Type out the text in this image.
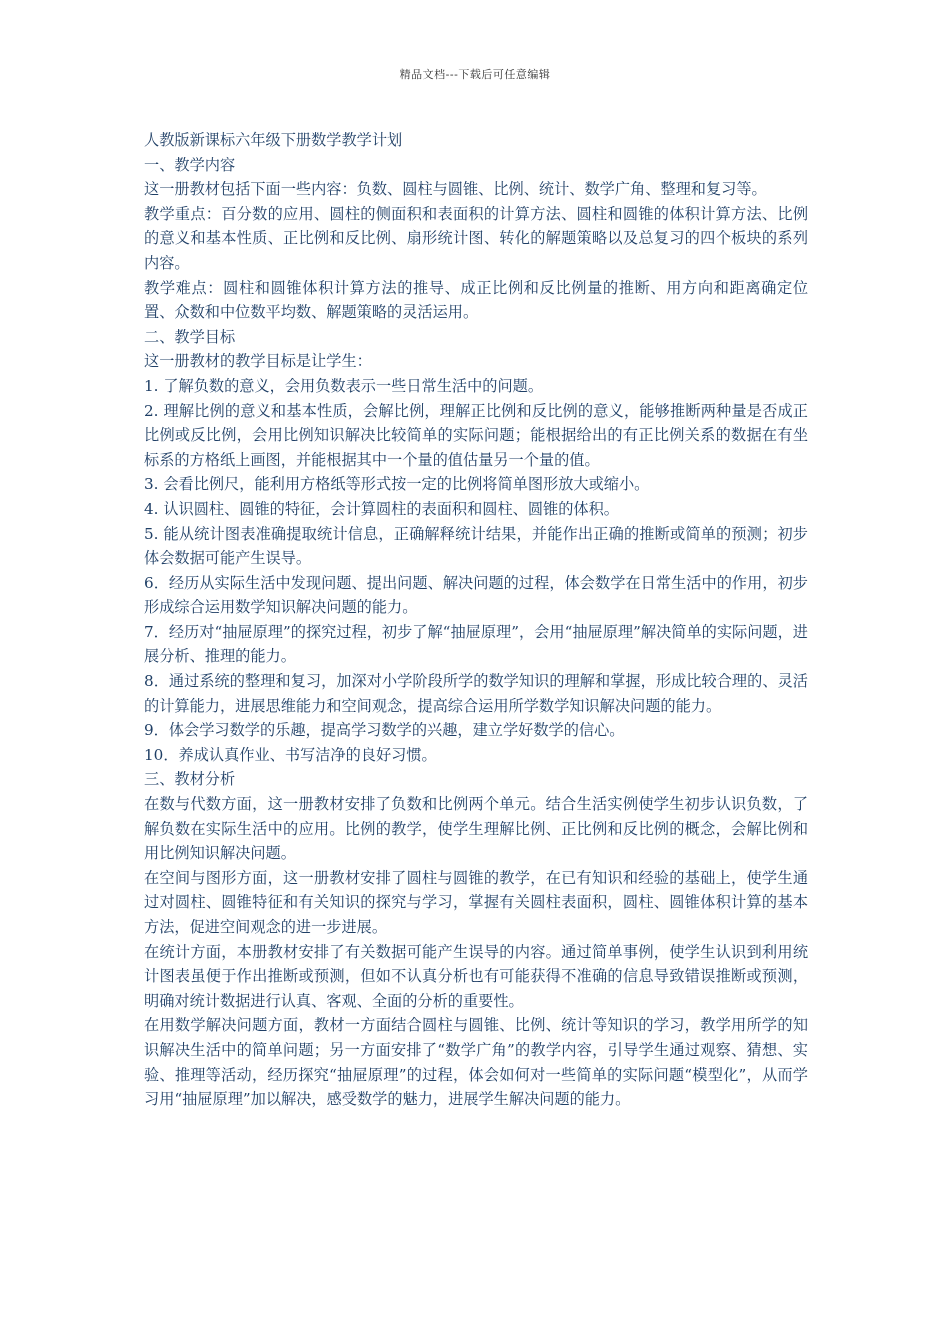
精品文档---下载后可任意编辑

人教版新课标六年级下册数学教学计划

一、教学内容

这一册教材包括下面一些内容：负数、圆柱与圆锥、比例、统计、数学广角、整理和复习等。

教学重点：百分数的应用、圆柱的侧面积和表面积的计算方法、圆柱和圆锥的体积计算方法、比例的意义和基本性质、正比例和反比例、扇形统计图、转化的解题策略以及总复习的四个板块的系列内容。

教学难点：圆柱和圆锥体积计算方法的推导、成正比例和反比例量的推断、用方向和距离确定位置、众数和中位数平均数、解题策略的灵活运用。

二、教学目标

这一册教材的教学目标是让学生：

1. 了解负数的意义，会用负数表示一些日常生活中的问题。

2. 理解比例的意义和基本性质，会解比例，理解正比例和反比例的意义，能够推断两种量是否成正比例或反比例，会用比例知识解决比较简单的实际问题；能根据给出的有正比例关系的数据在有坐标系的方格纸上画图，并能根据其中一个量的值估量另一个量的值。

3. 会看比例尺，能利用方格纸等形式按一定的比例将简单图形放大或缩小。

4. 认识圆柱、圆锥的特征，会计算圆柱的表面积和圆柱、圆锥的体积。

5. 能从统计图表准确提取统计信息，正确解释统计结果，并能作出正确的推断或简单的预测；初步体会数据可能产生误导。

6．经历从实际生活中发现问题、提出问题、解决问题的过程，体会数学在日常生活中的作用，初步形成综合运用数学知识解决问题的能力。

7．经历对“抽屉原理”的探究过程，初步了解“抽屉原理”，会用“抽屉原理”解决简单的实际问题，进展分析、推理的能力。

8．通过系统的整理和复习，加深对小学阶段所学的数学知识的理解和掌握，形成比较合理的、灵活的计算能力，进展思维能力和空间观念，提高综合运用所学数学知识解决问题的能力。

9．体会学习数学的乐趣，提高学习数学的兴趣，建立学好数学的信心。

10．养成认真作业、书写洁净的良好习惯。

三、教材分析

在数与代数方面，这一册教材安排了负数和比例两个单元。结合生活实例使学生初步认识负数，了解负数在实际生活中的应用。比例的教学，使学生理解比例、正比例和反比例的概念，会解比例和用比例知识解决问题。

在空间与图形方面，这一册教材安排了圆柱与圆锥的教学，在已有知识和经验的基础上，使学生通过对圆柱、圆锥特征和有关知识的探究与学习，掌握有关圆柱表面积，圆柱、圆锥体积计算的基本方法，促进空间观念的进一步进展。

在统计方面，本册教材安排了有关数据可能产生误导的内容。通过简单事例，使学生认识到利用统计图表虽便于作出推断或预测，但如不认真分析也有可能获得不准确的信息导致错误推断或预测，明确对统计数据进行认真、客观、全面的分析的重要性。

在用数学解决问题方面，教材一方面结合圆柱与圆锥、比例、统计等知识的学习，教学用所学的知识解决生活中的简单问题；另一方面安排了“数学广角”的教学内容，引导学生通过观察、猜想、实验、推理等活动，经历探究“抽屉原理”的过程，体会如何对一些简单的实际问题“模型化”，从而学习用“抽屉原理”加以解决，感受数学的魅力，进展学生解决问题的能力。
